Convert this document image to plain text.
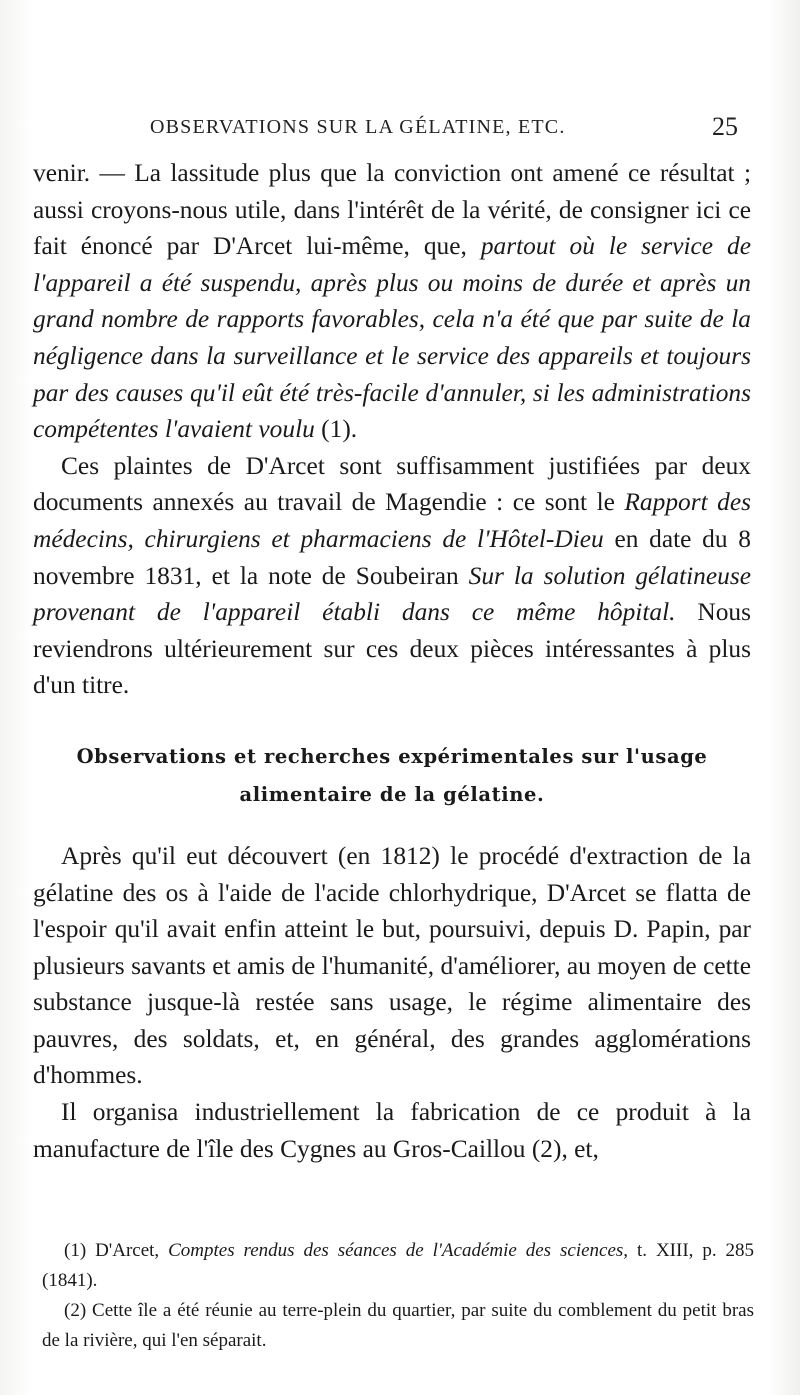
OBSERVATIONS SUR LA GÉLATINE, ETC.	25

venir. — La lassitude plus que la conviction ont amené ce résultat ; aussi croyons-nous utile, dans l'intérêt de la vérité, de consigner ici ce fait énoncé par D'Arcet lui-même, que, partout où le service de l'appareil a été suspendu, après plus ou moins de durée et après un grand nombre de rapports favorables, cela n'a été que par suite de la négligence dans la surveillance et le service des appareils et toujours par des causes qu'il eût été très-facile d'annuler, si les administrations compétentes l'avaient voulu (1).

Ces plaintes de D'Arcet sont suffisamment justifiées par deux documents annexés au travail de Magendie : ce sont le Rapport des médecins, chirurgiens et pharmaciens de l'Hôtel-Dieu en date du 8 novembre 1831, et la note de Soubeiran Sur la solution gélatineuse provenant de l'appareil établi dans ce même hôpital. Nous reviendrons ultérieurement sur ces deux pièces intéressantes à plus d'un titre.

Observations et recherches expérimentales sur l'usage
alimentaire de la gélatine.

Après qu'il eut découvert (en 1812) le procédé d'extraction de la gélatine des os à l'aide de l'acide chlorhydrique, D'Arcet se flatta de l'espoir qu'il avait enfin atteint le but, poursuivi, depuis D. Papin, par plusieurs savants et amis de l'humanité, d'améliorer, au moyen de cette substance jusque-là restée sans usage, le régime alimentaire des pauvres, des soldats, et, en général, des grandes agglomérations d'hommes.

Il organisa industriellement la fabrication de ce produit à la manufacture de l'île des Cygnes au Gros-Caillou (2), et,

(1) D'Arcet, Comptes rendus des séances de l'Académie des sciences, t. XIII, p. 285 (1841).

(2) Cette île a été réunie au terre-plein du quartier, par suite du comblement du petit bras de la rivière, qui l'en séparait.
